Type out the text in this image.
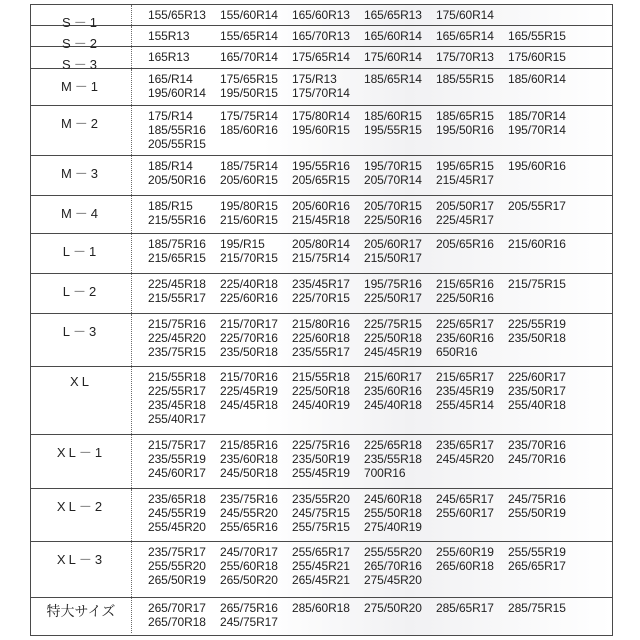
S－1	155/65R13	155/60R14	165/60R13	165/65R13	175/60R14
S－2	155R13	155/65R14	165/70R13	165/60R14	165/65R14	165/55R15
S－3	165R13	165/70R14	175/65R14	175/60R14	175/70R13	175/60R15
M－1	165/R14	175/65R15	175/R13	185/65R14	185/55R15	185/60R14
195/60R14	195/50R15	175/70R14
M－2	175/R14	175/75R14	175/80R14	185/60R15	185/65R15	185/70R14
185/55R16	185/60R16	195/60R15	195/55R15	195/50R16	195/70R14
205/55R15
M－3	185/R14	185/75R14	195/55R16	195/70R15	195/65R15	195/60R16
205/50R16	205/60R15	205/65R15	205/70R14	215/45R17
M－4	185/R15	195/80R15	205/60R16	205/70R15	205/50R17	205/55R17
215/55R16	215/60R15	215/45R18	225/50R16	225/45R17
L－1	185/75R16	195/R15	205/80R14	205/60R17	205/65R16	215/60R16
215/65R15	215/70R15	215/75R14	215/50R17
L－2	225/45R18	225/40R18	235/45R17	195/75R16	215/65R16	215/75R15
215/55R17	225/60R16	225/70R15	225/50R17	225/50R16
L－3	215/75R16	215/70R17	215/80R16	225/75R15	225/65R17	225/55R19
225/45R20	225/70R16	225/60R18	225/50R18	235/60R16	235/50R18
235/75R15	235/50R18	235/55R17	245/45R19	650R16
XL	215/55R18	215/70R16	215/55R18	215/60R17	215/65R17	225/60R17
225/55R17	225/45R19	225/50R18	235/60R16	235/45R19	235/50R17
235/45R18	245/45R18	245/40R19	245/40R18	255/45R14	255/40R18
255/40R17
XL－1	215/75R17	215/85R16	225/75R16	225/65R18	235/65R17	235/70R16
235/55R19	235/60R18	235/50R19	235/55R18	245/45R20	245/70R16
245/60R17	245/50R18	255/45R19	700R16
XL－2	235/65R18	235/75R16	235/55R20	245/60R18	245/65R17	245/75R16
245/55R19	245/55R20	245/75R15	255/50R18	255/60R17	255/50R19
255/45R20	255/65R16	255/75R15	275/40R19
XL－3	235/75R17	245/70R17	255/65R17	255/55R20	255/60R19	255/55R19
255/55R20	255/60R18	255/45R21	265/70R16	265/60R18	265/65R17
265/50R19	265/50R20	265/45R21	275/45R20
特大サイズ	265/70R17	265/75R16	285/60R18	275/50R20	285/65R17	285/75R15
265/70R18	245/75R17
